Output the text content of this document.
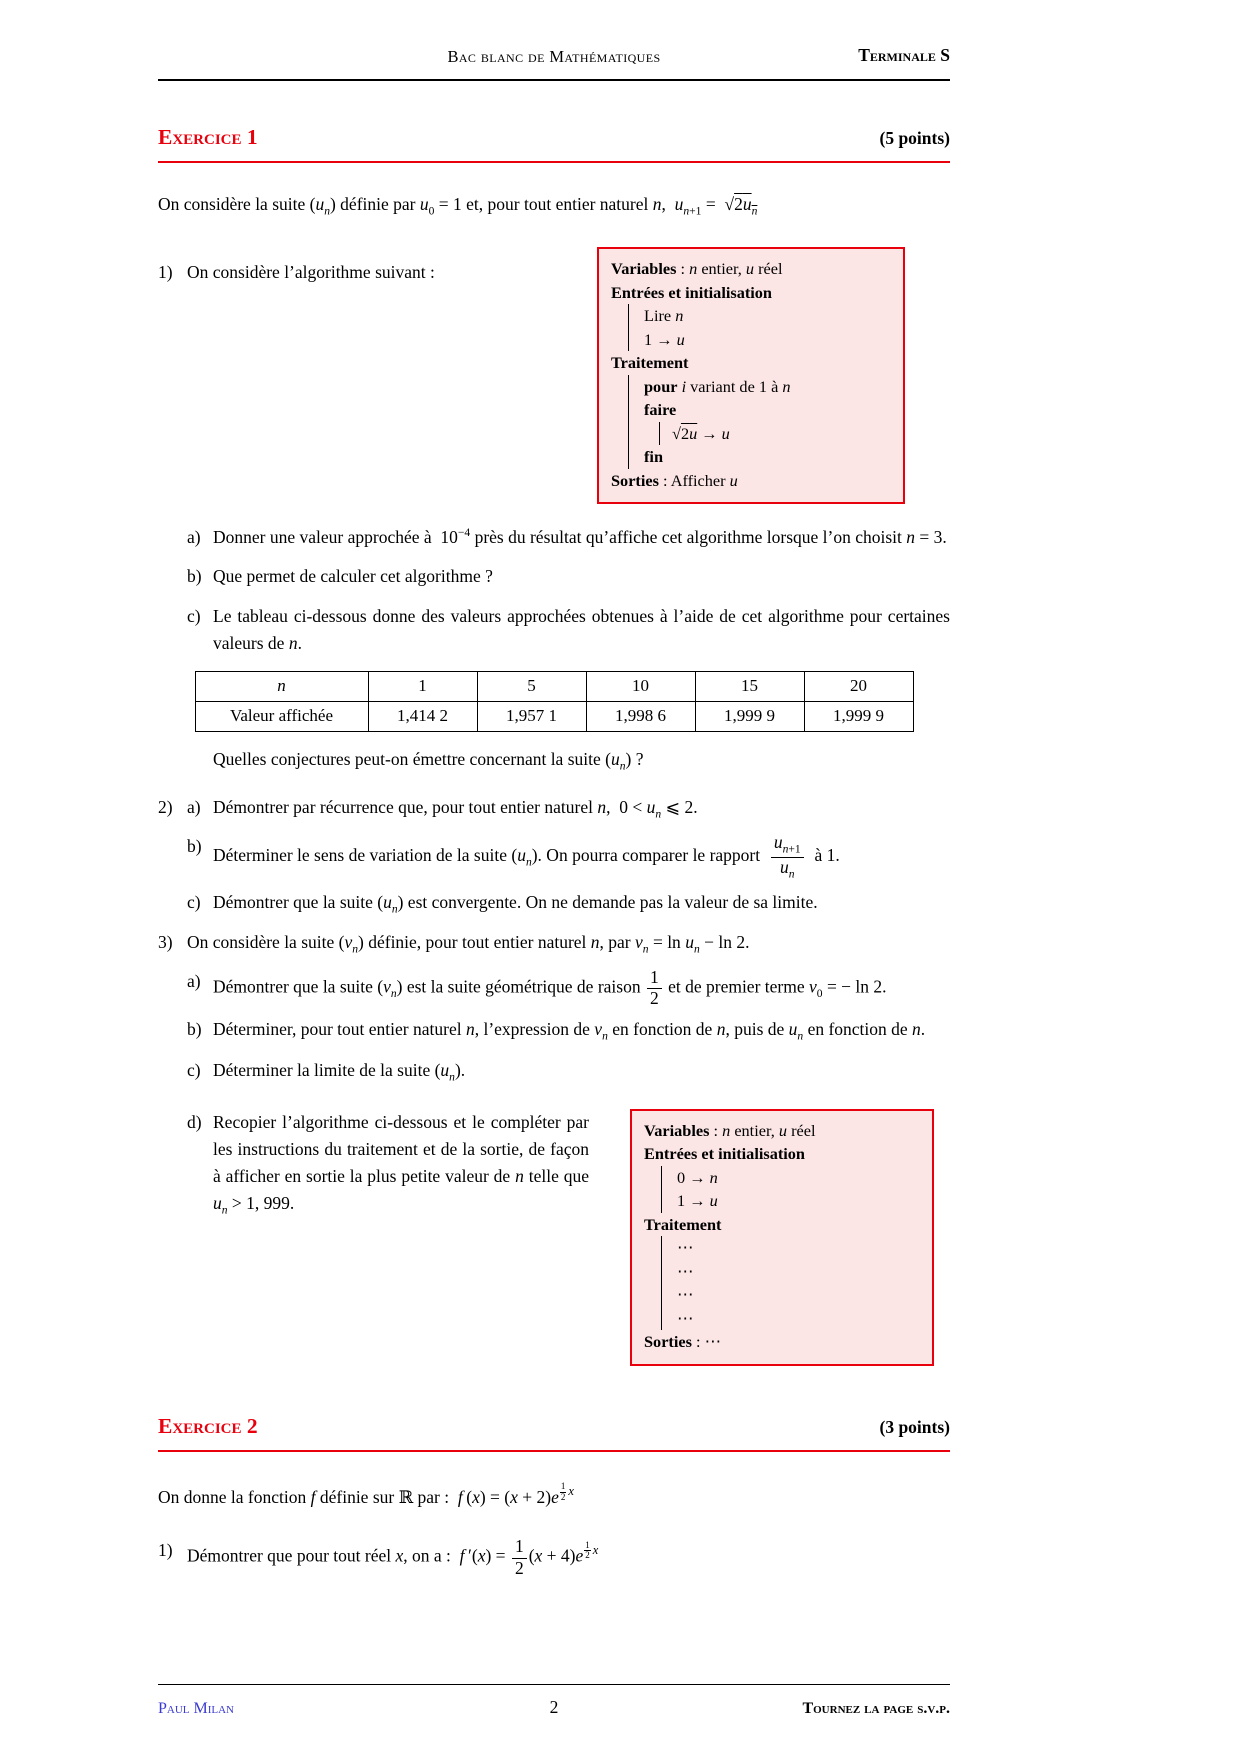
Bac blanc de Mathématiques	Terminale S
Exercice 1	(5 points)

On considère la suite $(u_n)$ définie par $u_0 = 1$ et, pour tout entier naturel n,  $u_{n+1} = √2u_n$

1) On considère l’algorithme suivant :	Variables : n entier, u réel
Entrées et initialisation
Lire n
1 → u
Traitement
pour i variant de 1 à n
faire
√2u → u
fin
Sorties : Afficher u
a) Donner une valeur approchée à  $10^{-4}$ près du résultat qu’affiche cet algorithme lorsque l’on choisit n = 3.
b) Que permet de calculer cet algorithme ?
c) Le tableau ci-dessous donne des valeurs approchées obtenues à l’aide de cet algorithme pour certaines valeurs de n.
n	1	5	10	15	20
Valeur affichée	1,414 2	1,957 1	1,998 6	1,999 9	1,999 9

Quelles conjectures peut-on émettre concernant la suite $(u_n)$ ?

2) a) Démontrer par récurrence que, pour tout entier naturel n,  $0 < u_n$ ⩽ 2.
b) Déterminer le sens de variation de la suite $(u_n)$. On pourra comparer le rapport $\frac{u_{n+1}}{u_n}$ à 1.
c) Démontrer que la suite $(u_n)$ est convergente. On ne demande pas la valeur de sa limite.
3) On considère la suite $(v_n)$ définie, pour tout entier naturel n, par $v_n = \ln u_n - \ln 2$.
a) Démontrer que la suite $(v_n)$ est la suite géométrique de raison $\frac{1}{2}$ et de premier terme $v_0$ = − ln 2.
b) Déterminer, pour tout entier naturel n, l’expression de $v_n$ en fonction de n, puis de $u_n$ en fonction de n.
c) Déterminer la limite de la suite $(u_n)$.
d) Recopier l’algorithme ci-dessous et le compléter par les instructions du traitement et de la sortie, de façon à afficher en sortie la plus petite valeur de n telle que $u_n > 1$, 999.
Variables : n entier, u réel
Entrées et initialisation
0 → n
1 → u
Traitement
⋯
⋯
⋯
⋯
Sorties : ⋯
Exercice 2	(3 points)

On donne la fonction f définie sur ℝ par :  f $(x) = (x + 2)e \frac{1}{2}$ x

1) Démontrer que pour tout réel x, on a :  f $'(x) = \frac{1}{2} (x + 4)e \frac{1}{2}$ x
Paul Milan	2	Tournez la page s.v.p.
